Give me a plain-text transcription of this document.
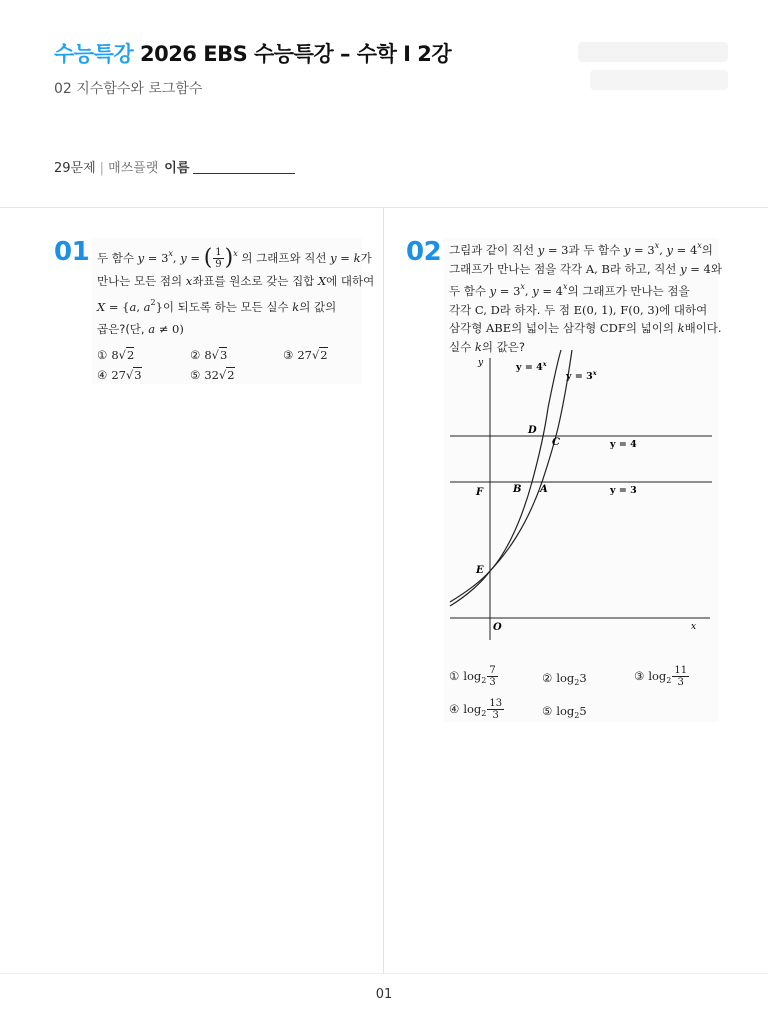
수능특강 2026 EBS 수능특강 – 수학 I 2강
02 지수함수와 로그함수
29문제 | 매쓰플랫 이름
01 두 함수 $y = 3^x$, y = ( $\frac{1}{9} )^x$ 의 그래프와 직선 y = k가
만나는 모든 점의 x좌표를 원소로 갖는 집합 X에 대하여
X = {a, $a^2$}이 되도록 하는 모든 실수 k의 값의
곱은?(단, a ≠ 0)
① 8√2	② 8√3	③ 27√2
④ 27√3	⑤ 32√2
02 그림과 같이 직선 y = 3과 두 함수 $y = 3^x$, $y = 4^x$의
그래프가 만나는 점을 각각 A, B라 하고, 직선 y = 4와
두 함수 $y = 3^x$, $y = 4^x$의 그래프가 만나는 점을
각각 C, D라 하자. 두 점 E(0, 1), F(0, 3)에 대하여
삼각형 ABE의 넓이는 삼각형 CDF의 넓이의 k배이다.
실수 k의 값은?
y
x
O
y = 4
y = 3
$y = 4^x$
$y = 3^x$
D
C
B A
F
E
① $\log_2 \frac{7}{3}$	② $\log_23$	③ $\log_2 \frac{11}{3}$
④ $\log_2 \frac{13}{3}$	⑤ $\log_25$
01
